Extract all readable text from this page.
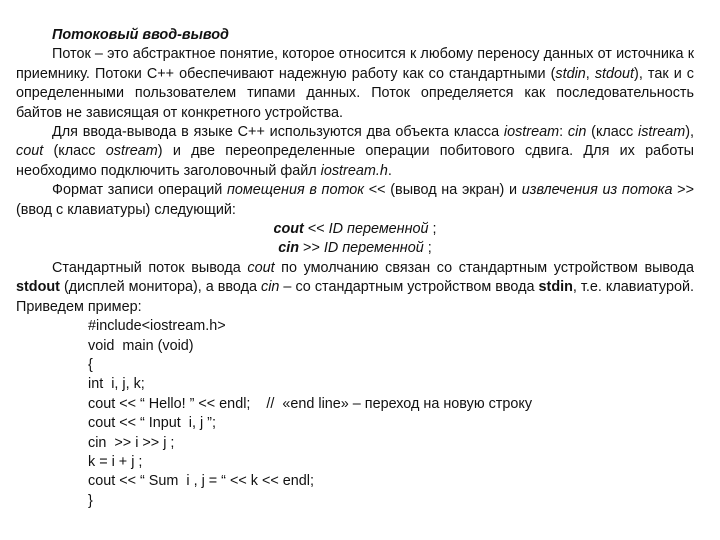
Потоковый ввод-вывод

Поток – это абстрактное понятие, которое относится к любому переносу данных от источника к приемнику. Потоки С++ обеспечивают надежную работу как со стандартными (stdin, stdout), так и с определенными пользователем типами данных. Поток определяется как последовательность байтов не зависящая от конкретного устройства.

Для ввода-вывода в языке С++ используются два объекта класса iostream: cin (класс istream), cout (класс ostream) и две переопределенные операции побитового сдвига. Для их работы необходимо подключить заголовочный файл iostream.h.

Формат записи операций помещения в поток << (вывод на экран) и извлечения из потока >> (ввод с клавиатуры) следующий:

cout << ID переменной ;

cin >> ID переменной ;

Стандартный поток вывода cout по умолчанию связан со стандартным устройством вывода stdout (дисплей монитора), а ввода cin – со стандартным устройством ввода stdin, т.е. клавиатурой. Приведем пример:

#include<iostream.h>

void  main (void)

{

int  i, j, k;

cout << “ Hello! ” << endl;    //  «end line» – переход на новую строку

cout << “ Input  i, j ”;

cin  >> i >> j ;

k = i + j ;

cout << “ Sum  i , j = “ << k << endl;

}
